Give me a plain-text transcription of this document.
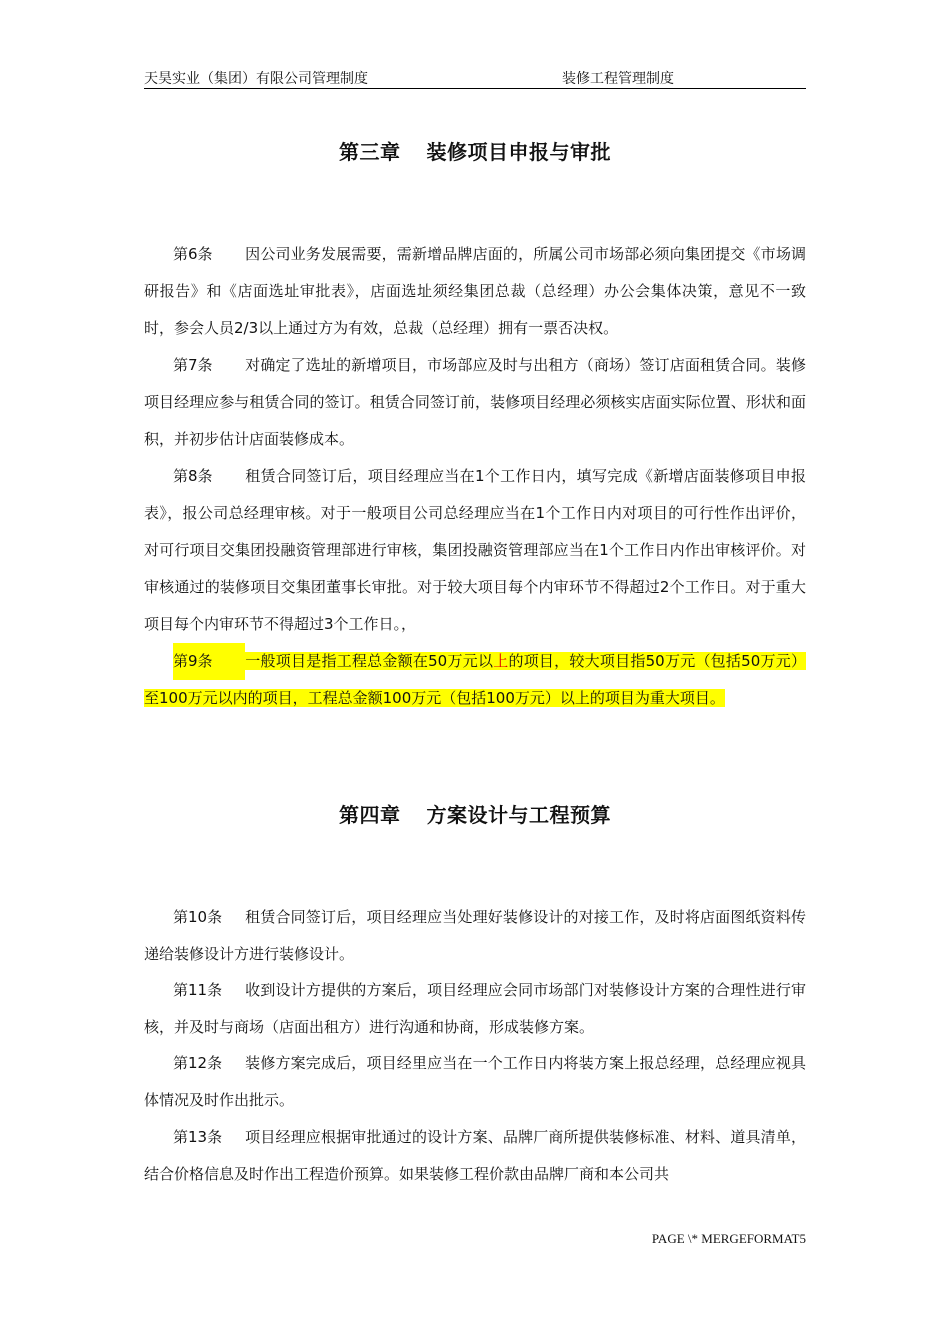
天昊实业（集团）有限公司管理制度	装修工程管理制度
第三章 装修项目申报与审批

第6条 因公司业务发展需要，需新增品牌店面的，所属公司市场部必须向集团提交《市场调研报告》和《店面选址审批表》，店面选址须经集团总裁（总经理）办公会集体决策，意见不一致时，参会人员2/3以上通过方为有效，总裁（总经理）拥有一票否决权。

第7条 对确定了选址的新增项目，市场部应及时与出租方（商场）签订店面租赁合同。装修项目经理应参与租赁合同的签订。租赁合同签订前，装修项目经理必须核实店面实际位置、形状和面积，并初步估计店面装修成本。

第8条 租赁合同签订后，项目经理应当在1个工作日内，填写完成《新增店面装修项目申报表》，报公司总经理审核。对于一般项目公司总经理应当在1个工作日内对项目的可行性作出评价，对可行项目交集团投融资管理部进行审核，集团投融资管理部应当在1个工作日内作出审核评价。对审核通过的装修项目交集团董事长审批。对于较大项目每个内审环节不得超过2个工作日。对于重大项目每个内审环节不得超过3个工作日。，

第9条 一般项目是指工程总金额在50万元以上的项目，较大项目指50万元（包括50万元）至100万元以内的项目，工程总金额100万元（包括100万元）以上的项目为重大项目。

第四章 方案设计与工程预算

第10条 租赁合同签订后，项目经理应当处理好装修设计的对接工作，及时将店面图纸资料传递给装修设计方进行装修设计。

第11条 收到设计方提供的方案后，项目经理应会同市场部门对装修设计方案的合理性进行审核，并及时与商场（店面出租方）进行沟通和协商，形成装修方案。

第12条 装修方案完成后，项目经里应当在一个工作日内将装方案上报总经理，总经理应视具体情况及时作出批示。

第13条 项目经理应根据审批通过的设计方案、品牌厂商所提供装修标准、材料、道具清单，结合价格信息及时作出工程造价预算。如果装修工程价款由品牌厂商和本公司共

PAGE \* MERGEFORMAT5
